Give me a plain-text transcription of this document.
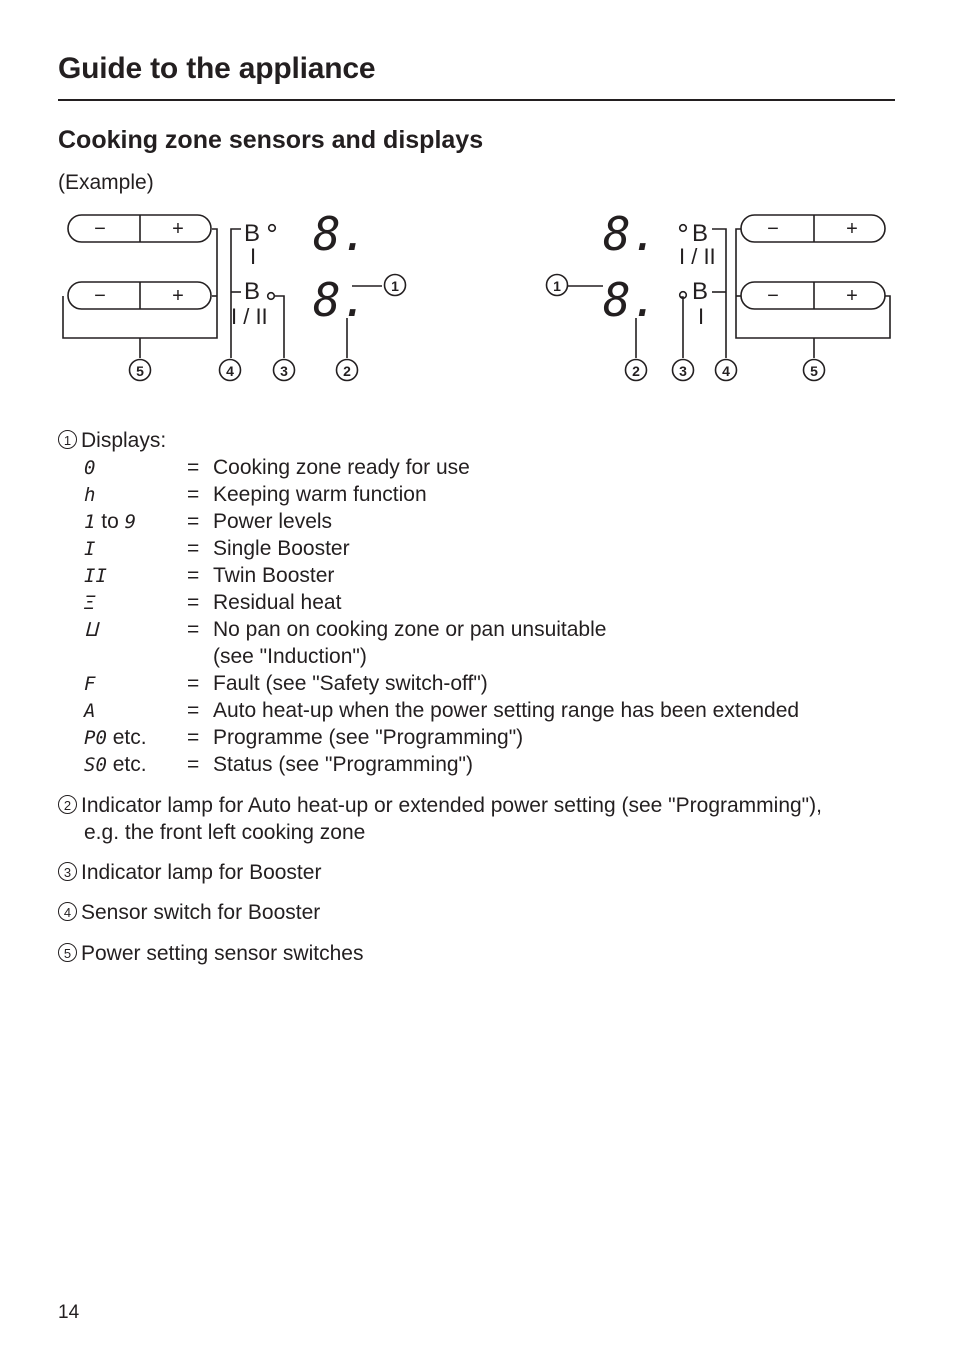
Guide to the appliance
Cooking zone sensors and displays
(Example)
−	+
−	+
B
I
B
I / II
8.
8. 1
5	4	3	2
8.
8.
1
B
I / II
B
I
−	+
−	+
2	3	4	5
1 Displays:
0	= Cooking zone ready for use
h	= Keeping warm function
1 to 9 = Power levels
I	= Single Booster
II	= Twin Booster
Ξ	= Residual heat
ⵡ	= No pan on cooking zone or pan unsuitable
(see "Induction")
F	= Fault (see "Safety switch-off")
A	= Auto heat-up when the power setting range has been extended
P0 etc. = Programme (see "Programming")
S0 etc. = Status (see "Programming")
2 Indicator lamp for Auto heat-up or extended power setting (see "Programming"),
e.g. the front left cooking zone
3 Indicator lamp for Booster
4 Sensor switch for Booster
5 Power setting sensor switches
14
